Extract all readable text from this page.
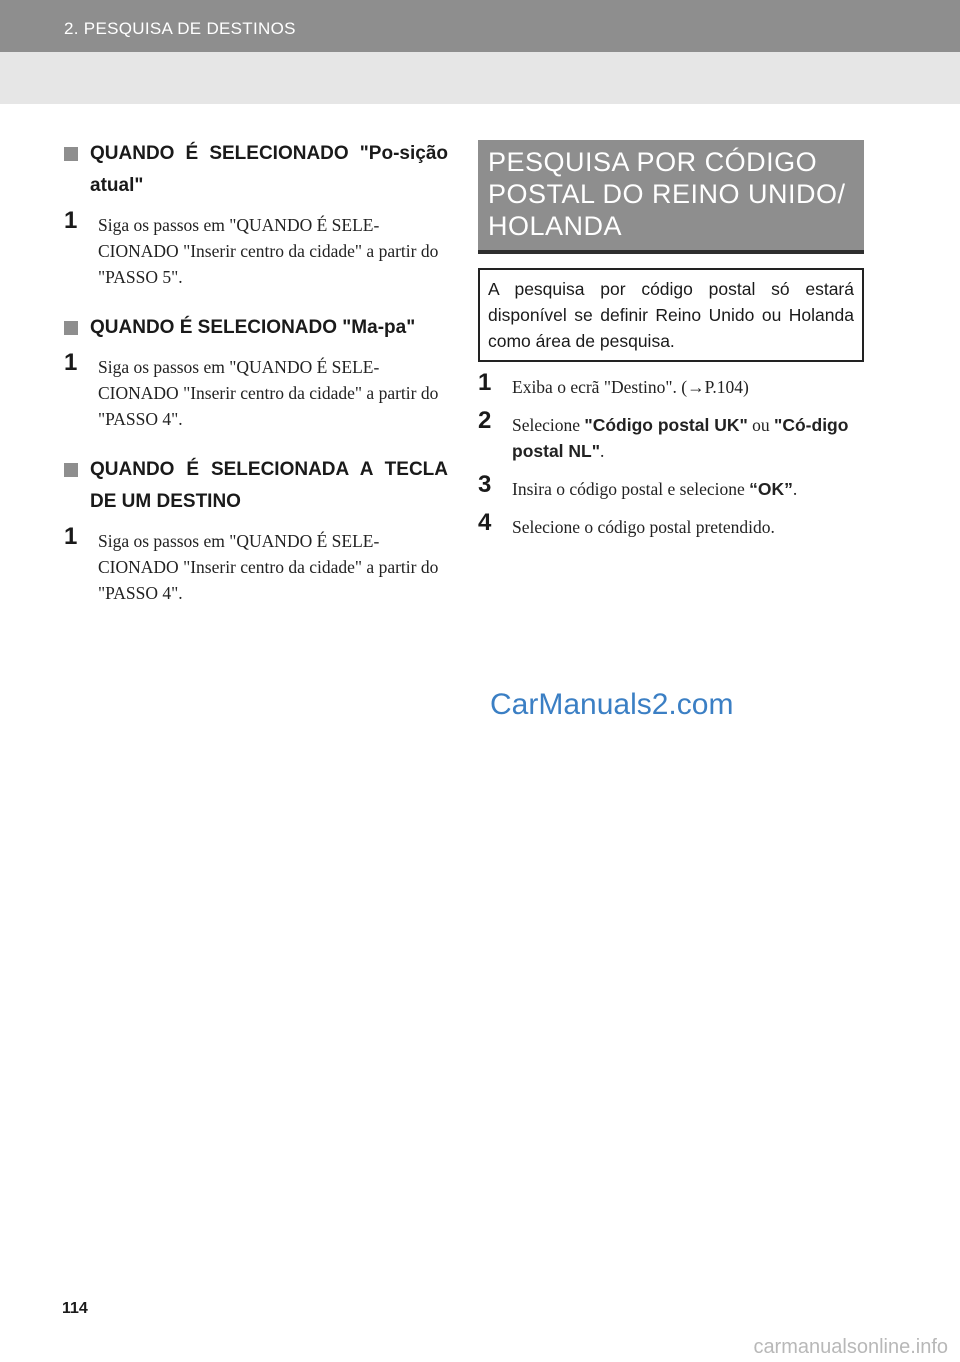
2. PESQUISA DE DESTINOS
QUANDO É SELECIONADO "Po-sição atual"
1 Siga os passos em "QUANDO É SELE-CIONADO "Inserir centro da cidade" a partir do "PASSO 5".
QUANDO É SELECIONADO "Ma-pa"
1 Siga os passos em "QUANDO É SELE-CIONADO "Inserir centro da cidade" a partir do "PASSO 4".
QUANDO É SELECIONADA A TECLA DE UM DESTINO
1 Siga os passos em "QUANDO É SELE-CIONADO "Inserir centro da cidade" a partir do "PASSO 4".
PESQUISA POR CÓDIGO POSTAL DO REINO UNIDO/ HOLANDA
A pesquisa por código postal só estará disponível se definir Reino Unido ou Holanda como área de pesquisa.
1 Exiba o ecrã "Destino". (→P.104)
2 Selecione "Código postal UK" ou "Có-digo postal NL".
3 Insira o código postal e selecione “OK”.
4 Selecione o código postal pretendido.
CarManuals2.com
114
carmanualsonline.info
